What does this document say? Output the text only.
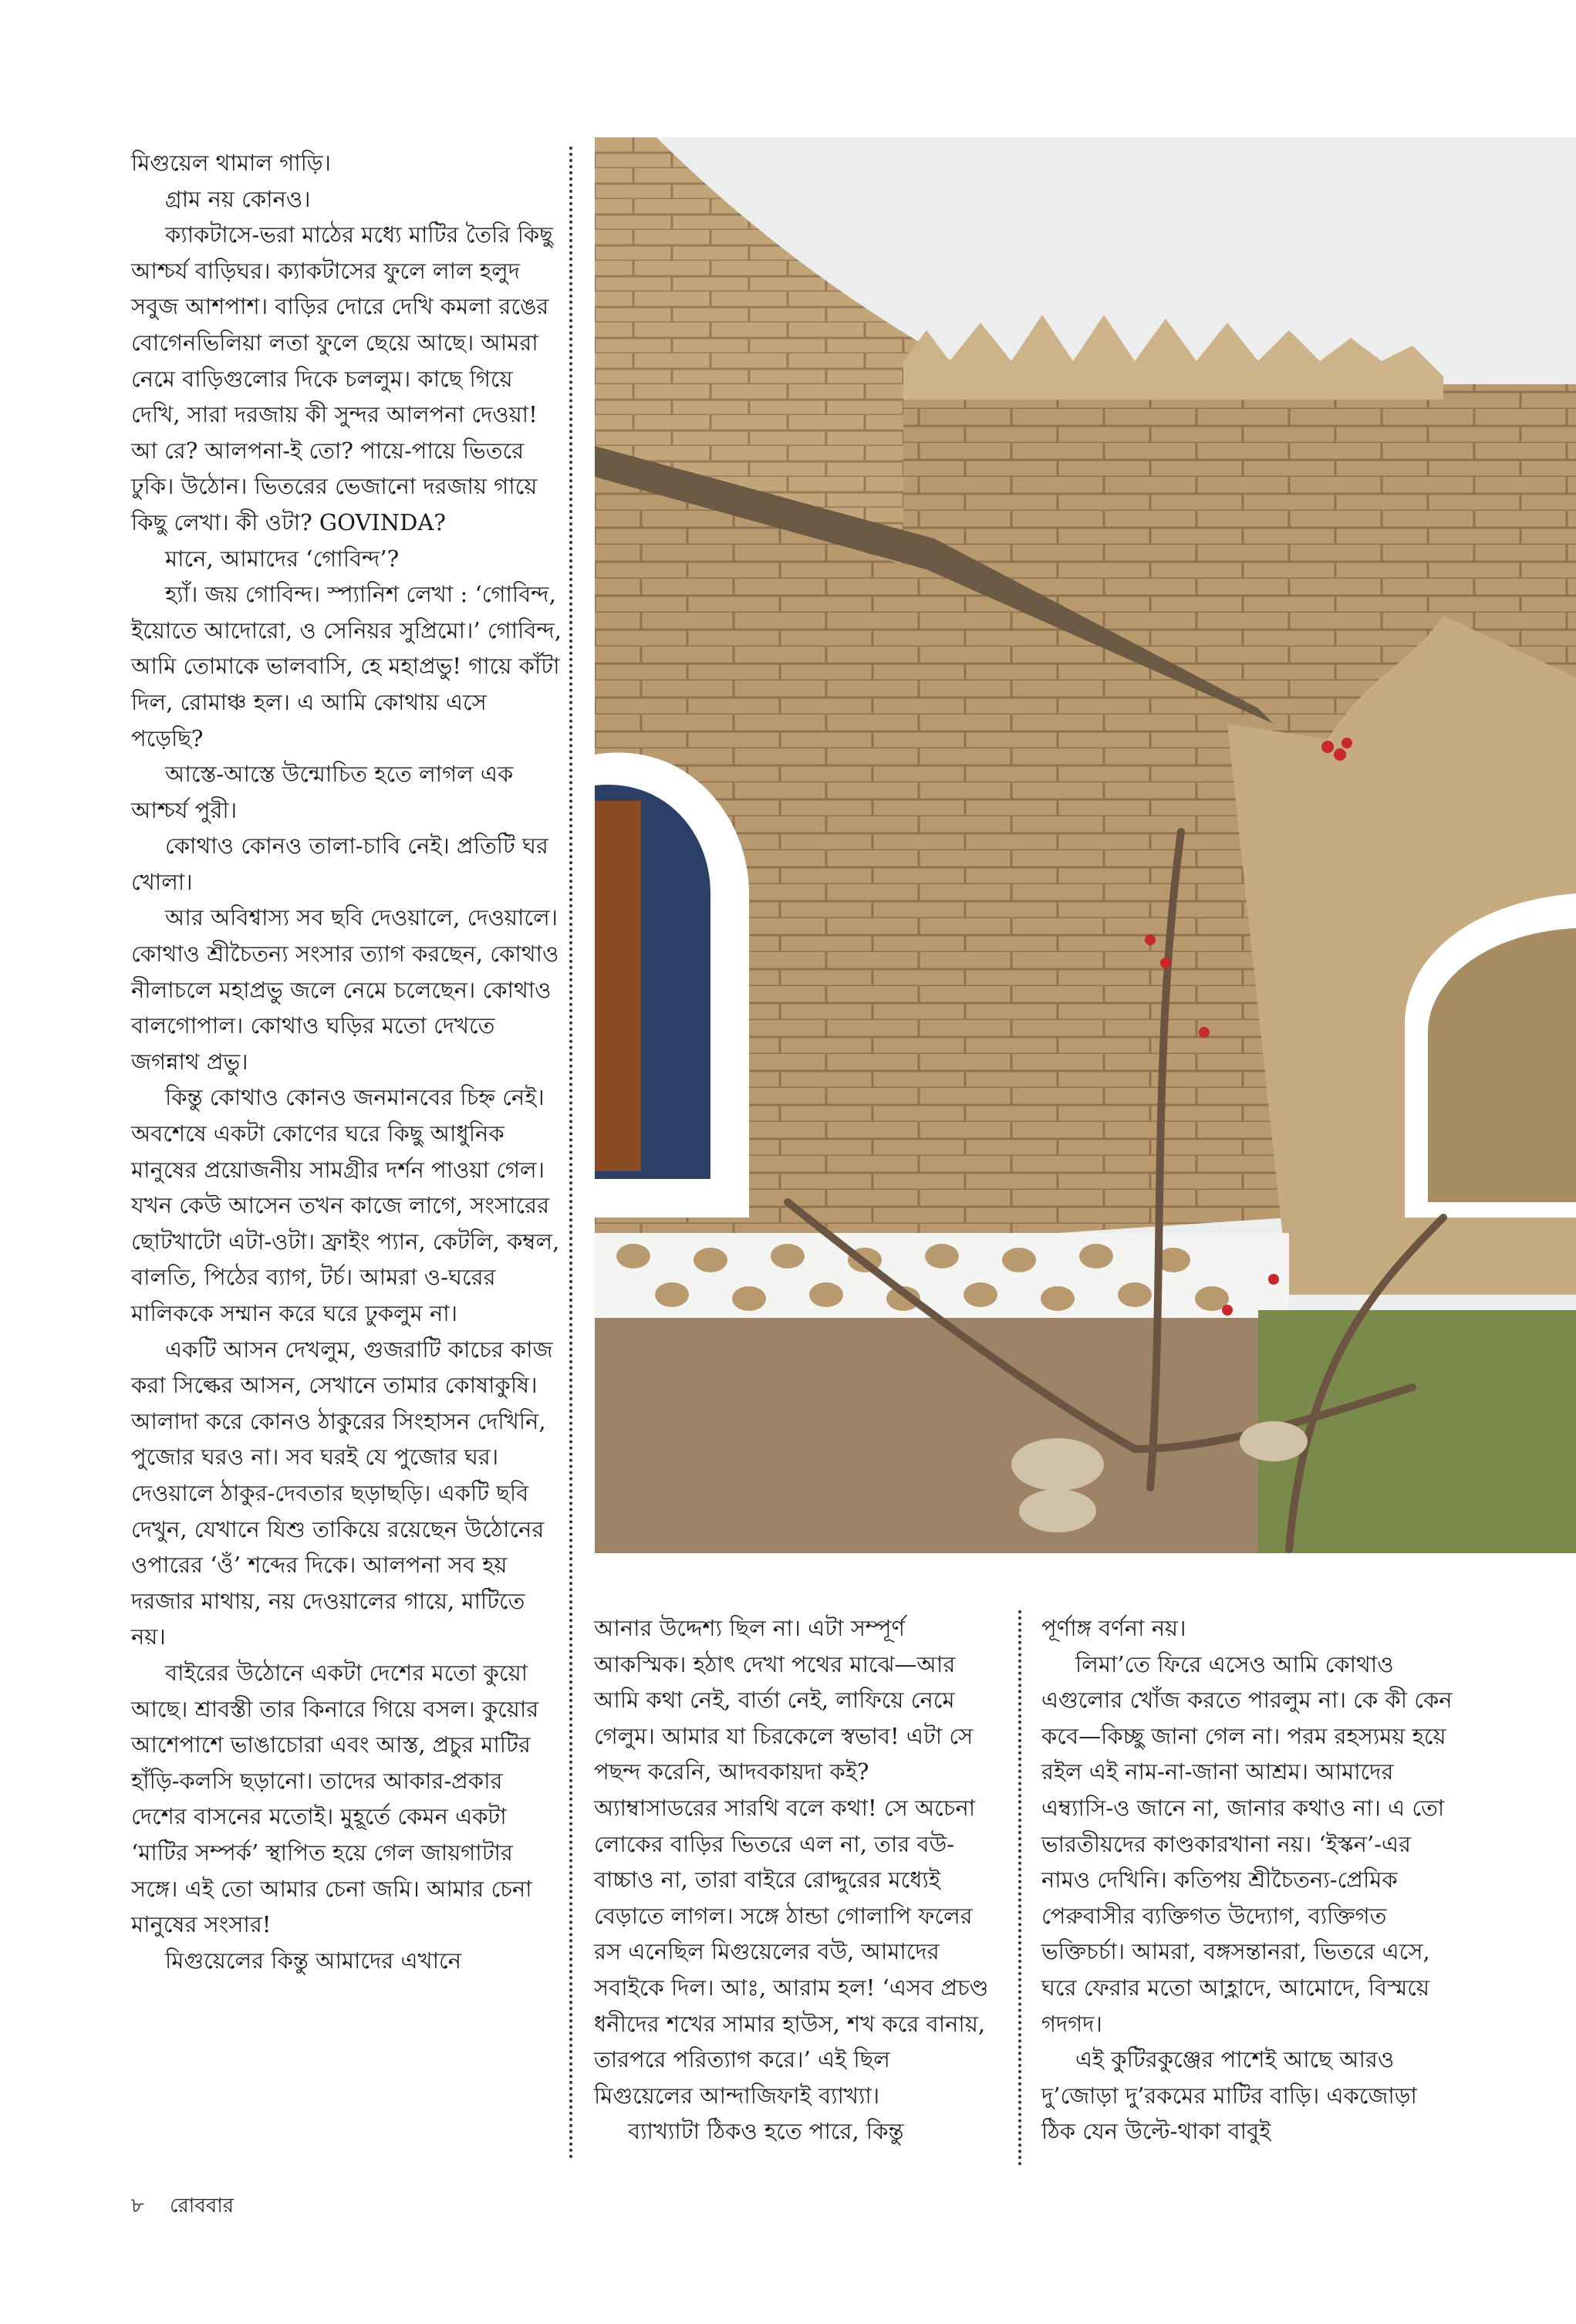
মিগুয়েল থামাল গাড়ি।

গ্রাম নয় কোনও।

ক্যাকটাসে-ভরা মাঠের মধ্যে মাটির তৈরি কিছু আশ্চর্য বাড়িঘর। ক্যাকটাসের ফুলে লাল হলুদ সবুজ আশপাশ। বাড়ির দোরে দেখি কমলা রঙের বোগেনভিলিয়া লতা ফুলে ছেয়ে আছে। আমরা নেমে বাড়িগুলোর দিকে চললুম। কাছে গিয়ে দেখি, সারা দরজায় কী সুন্দর আলপনা দেওয়া! আ রে? আলপনা-ই তো? পায়ে-পায়ে ভিতরে ঢুকি। উঠোন। ভিতরের ভেজানো দরজায় গায়ে কিছু লেখা। কী ওটা? GOVINDA?

মানে, আমাদের ‘গোবিন্দ’?

হ্যাঁ। জয় গোবিন্দ। স্প্যানিশ লেখা : ‘গোবিন্দ, ইয়োতে আদোরো, ও সেনিয়র সুপ্রিমো।’ গোবিন্দ, আমি তোমাকে ভালবাসি, হে মহাপ্রভু! গায়ে কাঁটা দিল, রোমাঞ্চ হল। এ আমি কোথায় এসে পড়েছি?

আস্তে-আস্তে উন্মোচিত হতে লাগল এক আশ্চর্য পুরী।

কোথাও কোনও তালা-চাবি নেই। প্রতিটি ঘর খোলা।

আর অবিশ্বাস্য সব ছবি দেওয়ালে, দেওয়ালে। কোথাও শ্রীচৈতন্য সংসার ত্যাগ করছেন, কোথাও নীলাচলে মহাপ্রভু জলে নেমে চলেছেন। কোথাও বালগোপাল। কোথাও ঘড়ির মতো দেখতে জগন্নাথ প্রভু।

কিন্তু কোথাও কোনও জনমানবের চিহ্ন নেই। অবশেষে একটা কোণের ঘরে কিছু আধুনিক মানুষের প্রয়োজনীয় সামগ্রীর দর্শন পাওয়া গেল। যখন কেউ আসেন তখন কাজে লাগে, সংসারের ছোটখাটো এটা-ওটা। ফ্রাইং প্যান, কেটলি, কম্বল, বালতি, পিঠের ব্যাগ, টর্চ। আমরা ও-ঘরের মালিককে সম্মান করে ঘরে ঢুকলুম না।

একটি আসন দেখলুম, গুজরাটি কাচের কাজ করা সিল্কের আসন, সেখানে তামার কোষাকুষি। আলাদা করে কোনও ঠাকুরের সিংহাসন দেখিনি, পুজোর ঘরও না। সব ঘরই যে পুজোর ঘর। দেওয়ালে ঠাকুর-দেবতার ছড়াছড়ি। একটি ছবি দেখুন, যেখানে যিশু তাকিয়ে রয়েছেন উঠোনের ওপারের ‘ওঁ’ শব্দের দিকে। আলপনা সব হয় দরজার মাথায়, নয় দেওয়ালের গায়ে, মাটিতে নয়।

বাইরের উঠোনে একটা দেশের মতো কুয়ো আছে। শ্রাবস্তী তার কিনারে গিয়ে বসল। কুয়োর আশেপাশে ভাঙাচোরা এবং আস্ত, প্রচুর মাটির হাঁড়ি-কলসি ছড়ানো। তাদের আকার-প্রকার দেশের বাসনের মতোই। মুহূর্তে কেমন একটা ‘মাটির সম্পর্ক’ স্থাপিত হয়ে গেল জায়গাটার সঙ্গে। এই তো আমার চেনা জমি। আমার চেনা মানুষের সংসার!

মিগুয়েলের কিন্তু আমাদের এখানে

আনার উদ্দেশ্য ছিল না। এটা সম্পূর্ণ আকস্মিক। হঠাৎ দেখা পথের মাঝে—আর আমি কথা নেই, বার্তা নেই, লাফিয়ে নেমে গেলুম। আমার যা চিরকেলে স্বভাব! এটা সে পছন্দ করেনি, আদবকায়দা কই? অ্যাম্বাসাডরের সারথি বলে কথা! সে অচেনা লোকের বাড়ির ভিতরে এল না, তার বউ-বাচ্চাও না, তারা বাইরে রোদ্দুরের মধ্যেই বেড়াতে লাগল। সঙ্গে ঠান্ডা গোলাপি ফলের রস এনেছিল মিগুয়েলের বউ, আমাদের সবাইকে দিল। আঃ, আরাম হল! ‘এসব প্রচণ্ড ধনীদের শখের সামার হাউস, শখ করে বানায়, তারপরে পরিত্যাগ করে।’ এই ছিল মিগুয়েলের আন্দাজিফাই ব্যাখ্যা।

ব্যাখ্যাটা ঠিকও হতে পারে, কিন্তু

পূর্ণাঙ্গ বর্ণনা নয়।

লিমা’তে ফিরে এসেও আমি কোথাও এগুলোর খোঁজ করতে পারলুম না। কে কী কেন কবে—কিচ্ছু জানা গেল না। পরম রহস্যময় হয়ে রইল এই নাম-না-জানা আশ্রম। আমাদের এম্ব্যাসি-ও জানে না, জানার কথাও না। এ তো ভারতীয়দের কাণ্ডকারখানা নয়। ‘ইস্কন’-এর নামও দেখিনি। কতিপয় শ্রীচৈতন্য-প্রেমিক পেরুবাসীর ব্যক্তিগত উদ্যোগ, ব্যক্তিগত ভক্তিচর্চা। আমরা, বঙ্গসন্তানরা, ভিতরে এসে, ঘরে ফেরার মতো আহ্লাদে, আমোদে, বিস্ময়ে গদগদ।

এই কুটিরকুঞ্জের পাশেই আছে আরও দু’জোড়া দু’রকমের মাটির বাড়ি। একজোড়া ঠিক যেন উল্টে-থাকা বাবুই

৮ রোববার
